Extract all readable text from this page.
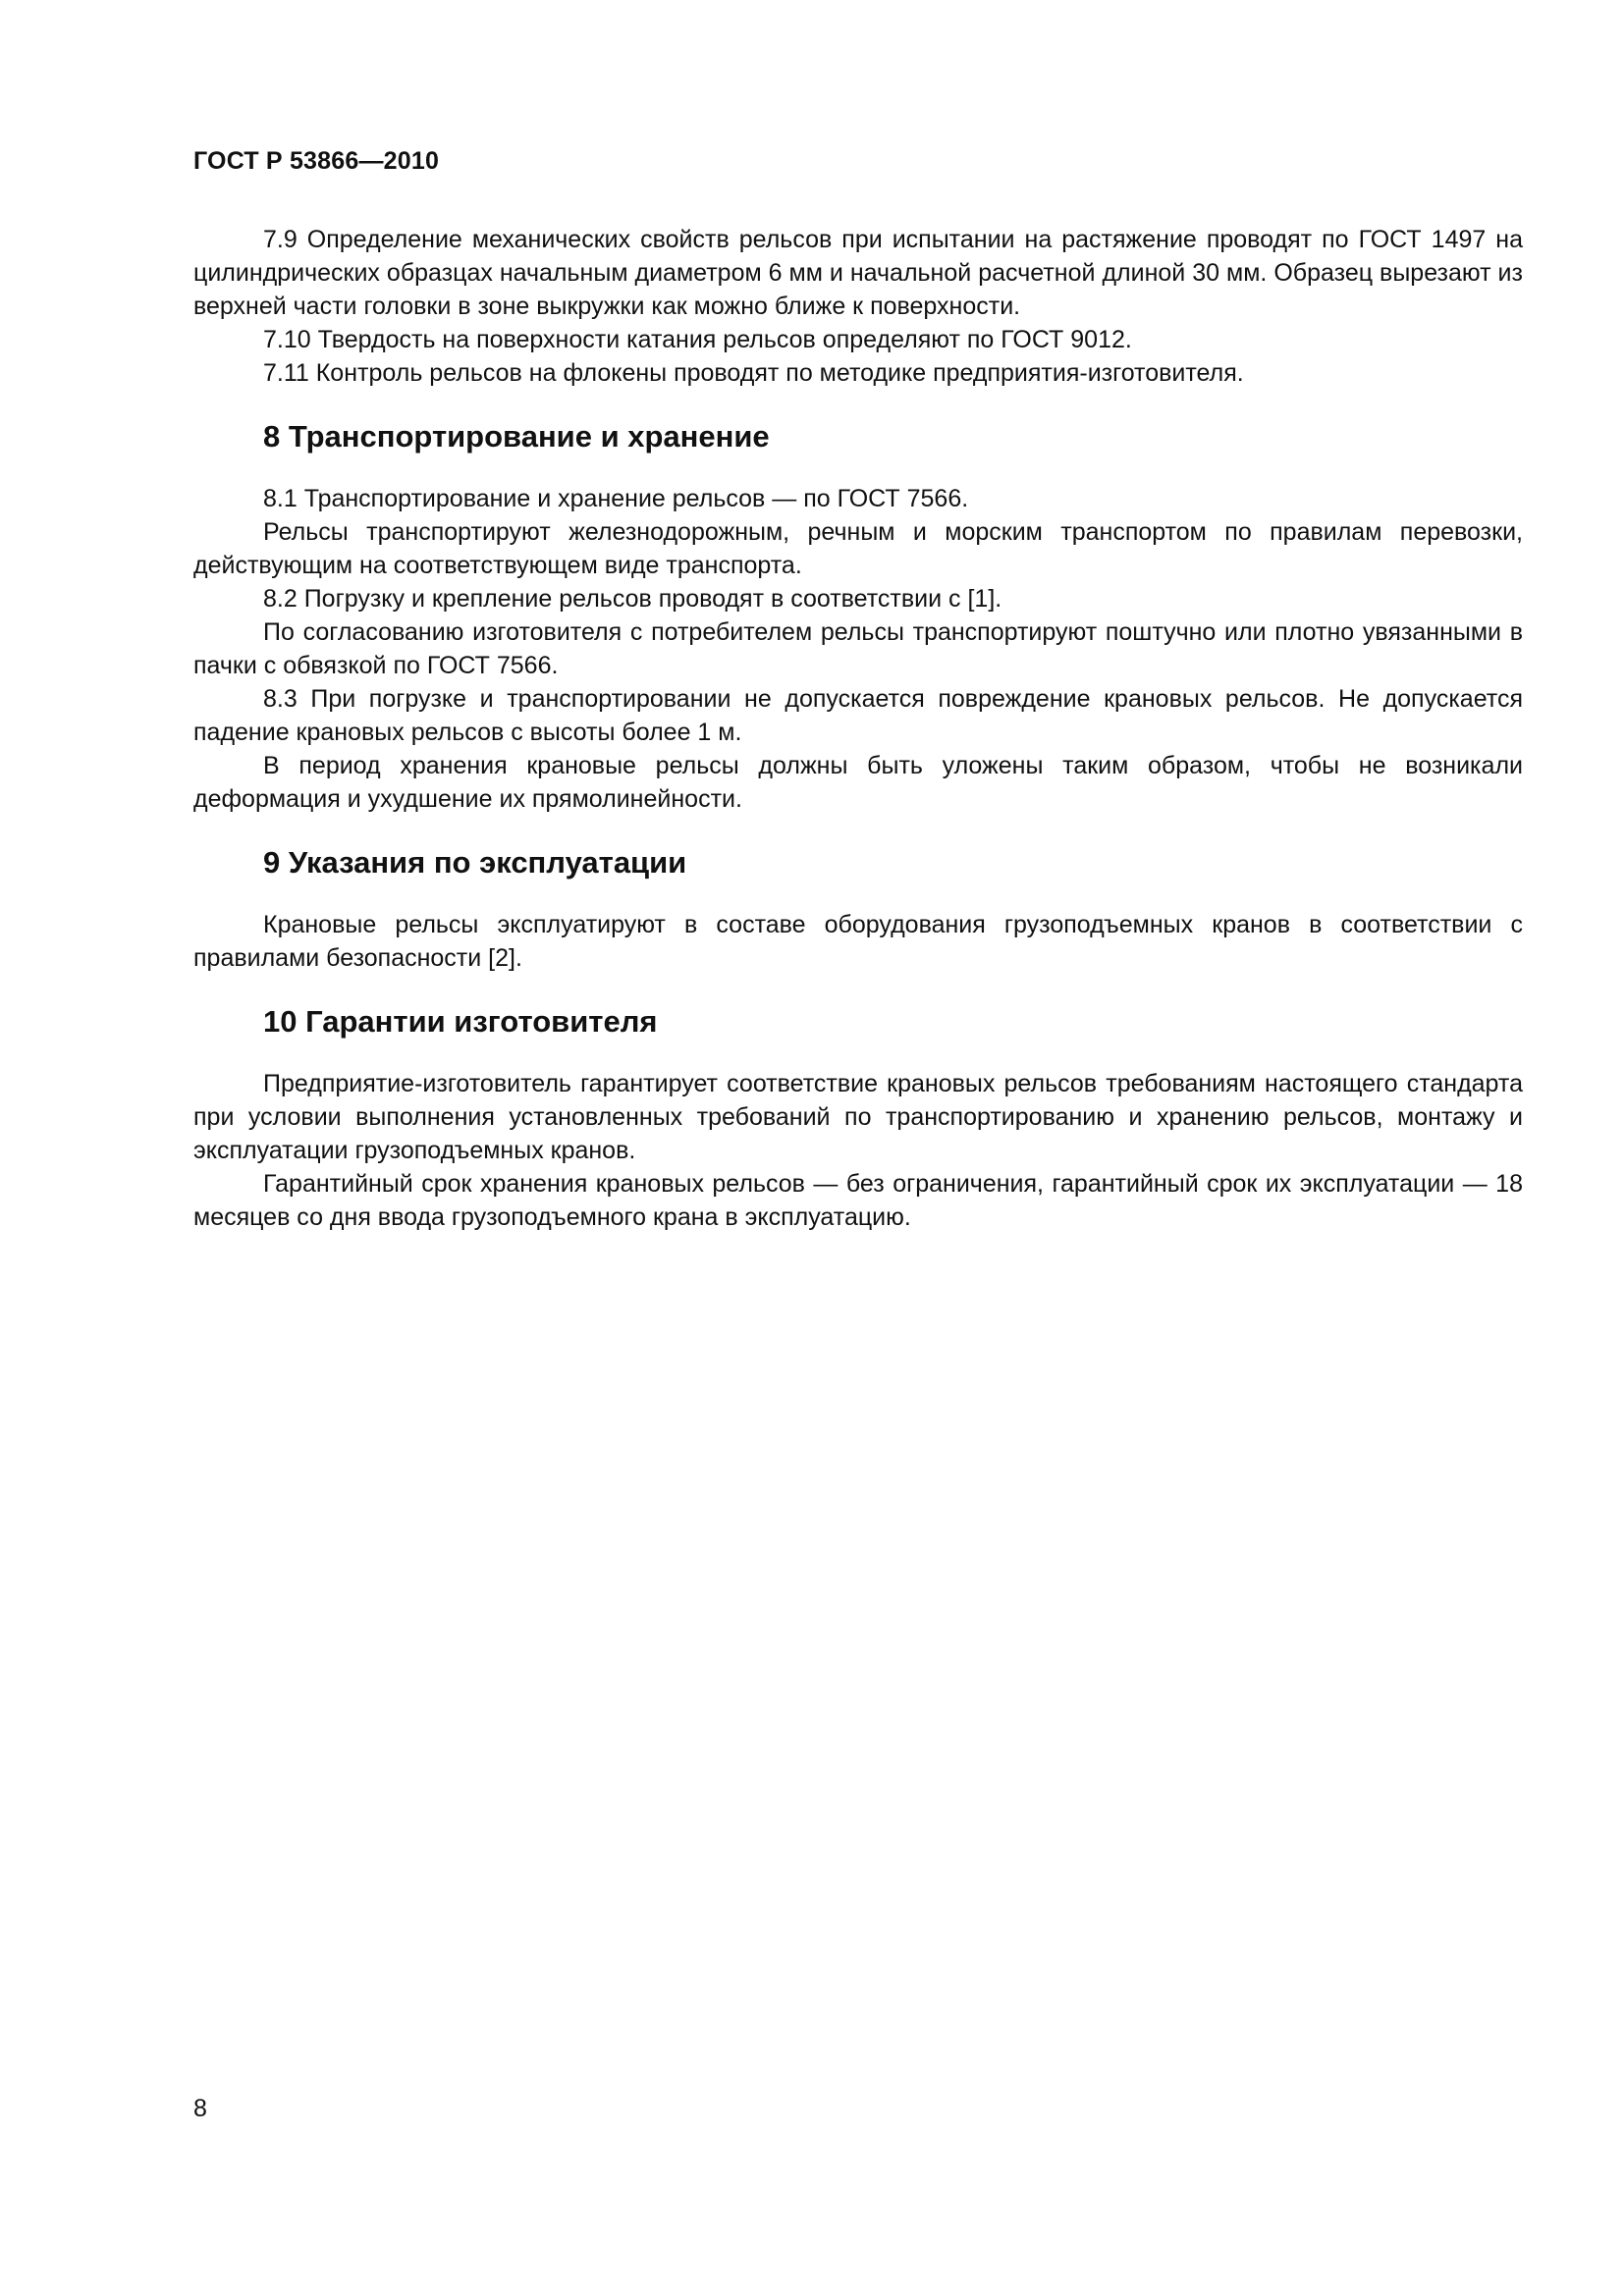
ГОСТ Р 53866—2010

7.9 Определение механических свойств рельсов при испытании на растяжение проводят по ГОСТ 1497 на цилиндрических образцах начальным диаметром 6 мм и начальной расчетной длиной 30 мм. Образец вырезают из верхней части головки в зоне выкружки как можно ближе к поверхности.

7.10 Твердость на поверхности катания рельсов определяют по ГОСТ 9012.

7.11 Контроль рельсов на флокены проводят по методике предприятия-изготовителя.

8 Транспортирование и хранение

8.1 Транспортирование и хранение рельсов — по ГОСТ 7566.

Рельсы транспортируют железнодорожным, речным и морским транспортом по правилам перевозки, действующим на соответствующем виде транспорта.

8.2 Погрузку и крепление рельсов проводят в соответствии с [1].

По согласованию изготовителя с потребителем рельсы транспортируют поштучно или плотно увязанными в пачки с обвязкой по ГОСТ 7566.

8.3 При погрузке и транспортировании не допускается повреждение крановых рельсов. Не допускается падение крановых рельсов с высоты более 1 м.

В период хранения крановые рельсы должны быть уложены таким образом, чтобы не возникали деформация и ухудшение их прямолинейности.

9 Указания по эксплуатации

Крановые рельсы эксплуатируют в составе оборудования грузоподъемных кранов в соответствии с правилами безопасности [2].

10 Гарантии изготовителя

Предприятие-изготовитель гарантирует соответствие крановых рельсов требованиям настоящего стандарта при условии выполнения установленных требований по транспортированию и хранению рельсов, монтажу и эксплуатации грузоподъемных кранов.

Гарантийный срок хранения крановых рельсов — без ограничения, гарантийный срок их эксплуатации — 18 месяцев со дня ввода грузоподъемного крана в эксплуатацию.

8
